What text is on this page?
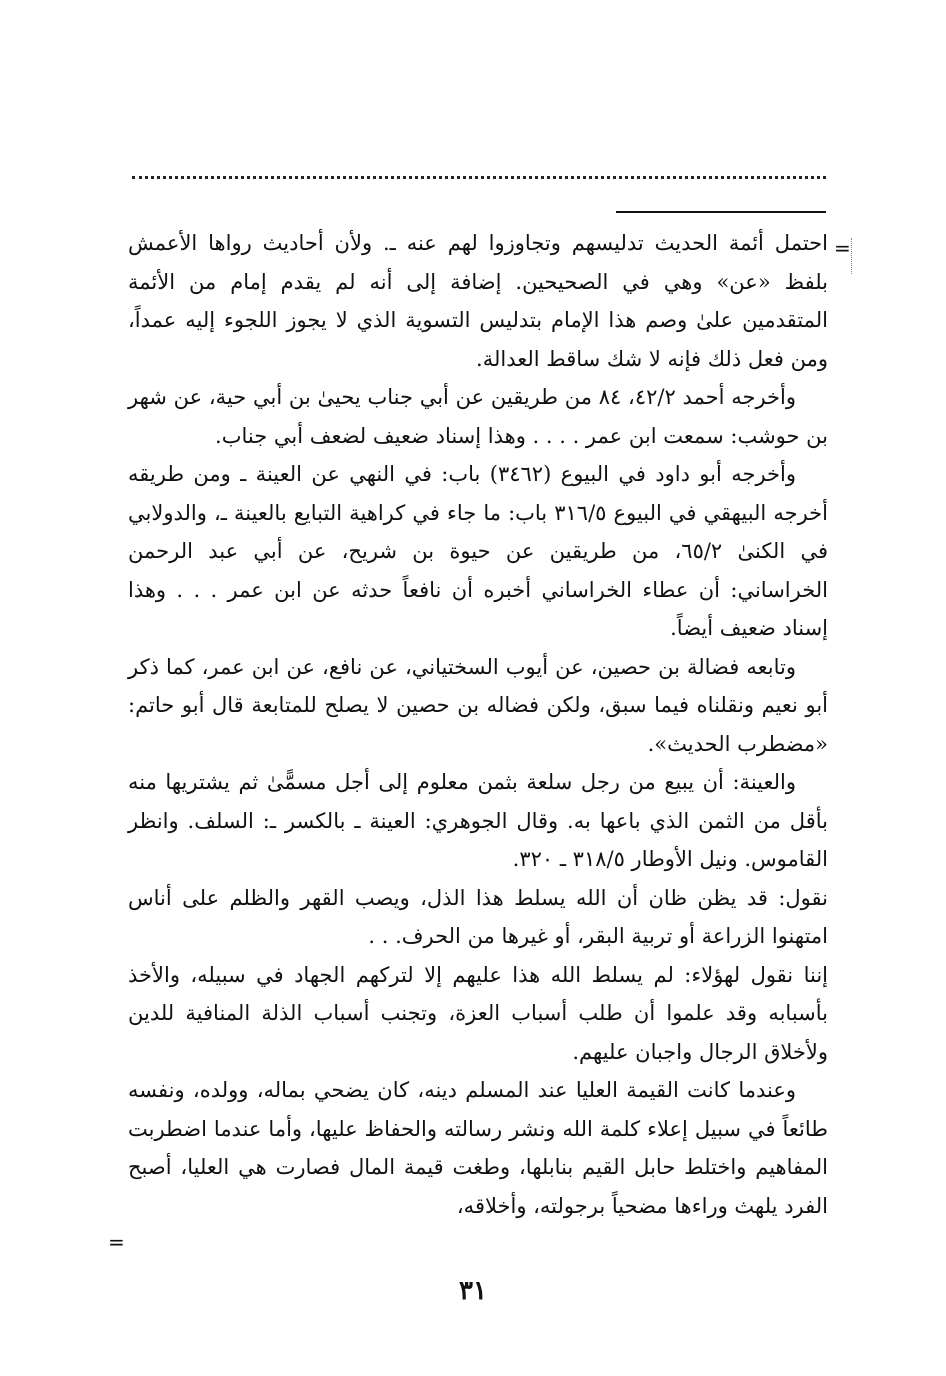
=

احتمل أئمة الحديث تدليسهم وتجاوزوا لهم عنه ـ. ولأن أحاديث رواها الأعمش بلفظ «عن» وهي في الصحيحين. إضافة إلى أنه لم يقدم إمام من الأئمة المتقدمين علىٰ وصم هذا الإمام بتدليس التسوية الذي لا يجوز اللجوء إليه عمداً، ومن فعل ذلك فإنه لا شك ساقط العدالة.

وأخرجه أحمد ٤٢/٢، ٨٤ من طريقين عن أبي جناب يحيىٰ بن أبي حية، عن شهر بن حوشب: سمعت ابن عمر . . . . وهذا إسناد ضعيف لضعف أبي جناب.

وأخرجه أبو داود في البيوع (٣٤٦٢) باب: في النهي عن العينة ـ ومن طريقه أخرجه البيهقي في البيوع ٣١٦/٥ باب: ما جاء في كراهية التبايع بالعينة ـ، والدولابي في الكنىٰ ٦٥/٢، من طريقين عن حيوة بن شريح، عن أبي عبد الرحمن الخراساني: أن عطاء الخراساني أخبره أن نافعاً حدثه عن ابن عمر . . . وهذا إسناد ضعيف أيضاً.

وتابعه فضالة بن حصين، عن أيوب السختياني، عن نافع، عن ابن عمر، كما ذكر أبو نعيم ونقلناه فيما سبق، ولكن فضاله بن حصين لا يصلح للمتابعة قال أبو حاتم: «مضطرب الحديث».

والعينة: أن يبيع من رجل سلعة بثمن معلوم إلى أجل مسمًّىٰ ثم يشتريها منه بأقل من الثمن الذي باعها به. وقال الجوهري: العينة ـ بالكسر ـ: السلف. وانظر القاموس. ونيل الأوطار ٣١٨/٥ ـ ٣٢٠.

نقول: قد يظن ظان أن الله يسلط هذا الذل، ويصب القهر والظلم على أناس امتهنوا الزراعة أو تربية البقر، أو غيرها من الحرف. . .

إننا نقول لهؤلاء: لم يسلط الله هذا عليهم إلا لتركهم الجهاد في سبيله، والأخذ بأسبابه وقد علموا أن طلب أسباب العزة، وتجنب أسباب الذلة المنافية للدين ولأخلاق الرجال واجبان عليهم.

وعندما كانت القيمة العليا عند المسلم دينه، كان يضحي بماله، وولده، ونفسه طائعاً في سبيل إعلاء كلمة الله ونشر رسالته والحفاظ عليها، وأما عندما اضطربت المفاهيم واختلط حابل القيم بنابلها، وطغت قيمة المال فصارت هي العليا، أصبح الفرد يلهث وراءها مضحياً برجولته، وأخلاقه،

=
٣١
